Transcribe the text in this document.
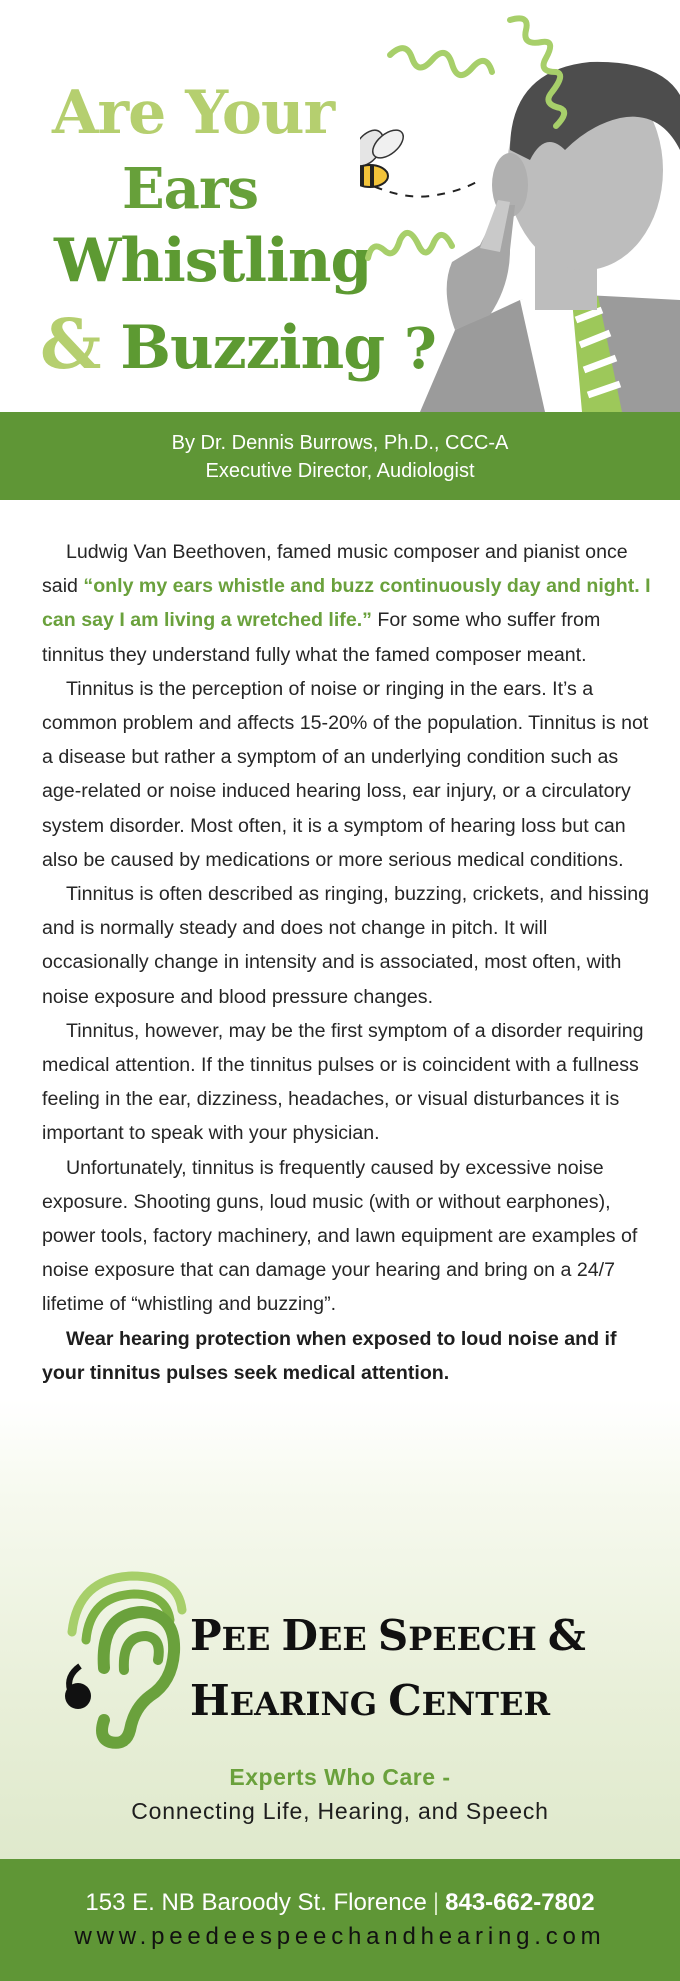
Are Your
Ears
Whistling
& Buzzing ?
By Dr. Dennis Burrows, Ph.D., CCC-A
Executive Director, Audiologist

Ludwig Van Beethoven, famed music composer and pianist once said “only my ears whistle and buzz continuously day and night. I can say I am living a wretched life.” For some who suffer from tinnitus they understand fully what the famed composer meant.

Tinnitus is the perception of noise or ringing in the ears. It’s a common problem and affects 15-20% of the population. Tinnitus is not a disease but rather a symptom of an underlying condition such as age-related or noise induced hearing loss, ear injury, or a circulatory system disorder. Most often, it is a symptom of hearing loss but can also be caused by medications or more serious medical conditions.

Tinnitus is often described as ringing, buzzing, crickets, and hissing and is normally steady and does not change in pitch. It will occasionally change in intensity and is associated, most often, with noise exposure and blood pressure changes.

Tinnitus, however, may be the first symptom of a disorder requiring medical attention. If the tinnitus pulses or is coincident with a fullness feeling in the ear, dizziness, headaches, or visual disturbances it is important to speak with your physician.

Unfortunately, tinnitus is frequently caused by excessive noise exposure. Shooting guns, loud music (with or without earphones), power tools, factory machinery, and lawn equipment are examples of noise exposure that can damage your hearing and bring on a 24/7 lifetime of “whistling and buzzing”.

Wear hearing protection when exposed to loud noise and if your tinnitus pulses seek medical attention.

PEE DEE SPEECH &
HEARING CENTER
Experts Who Care -
Connecting Life, Hearing, and Speech
153 E. NB Baroody St. Florence | 843-662-7802
www.peedeespeechandhearing.com
